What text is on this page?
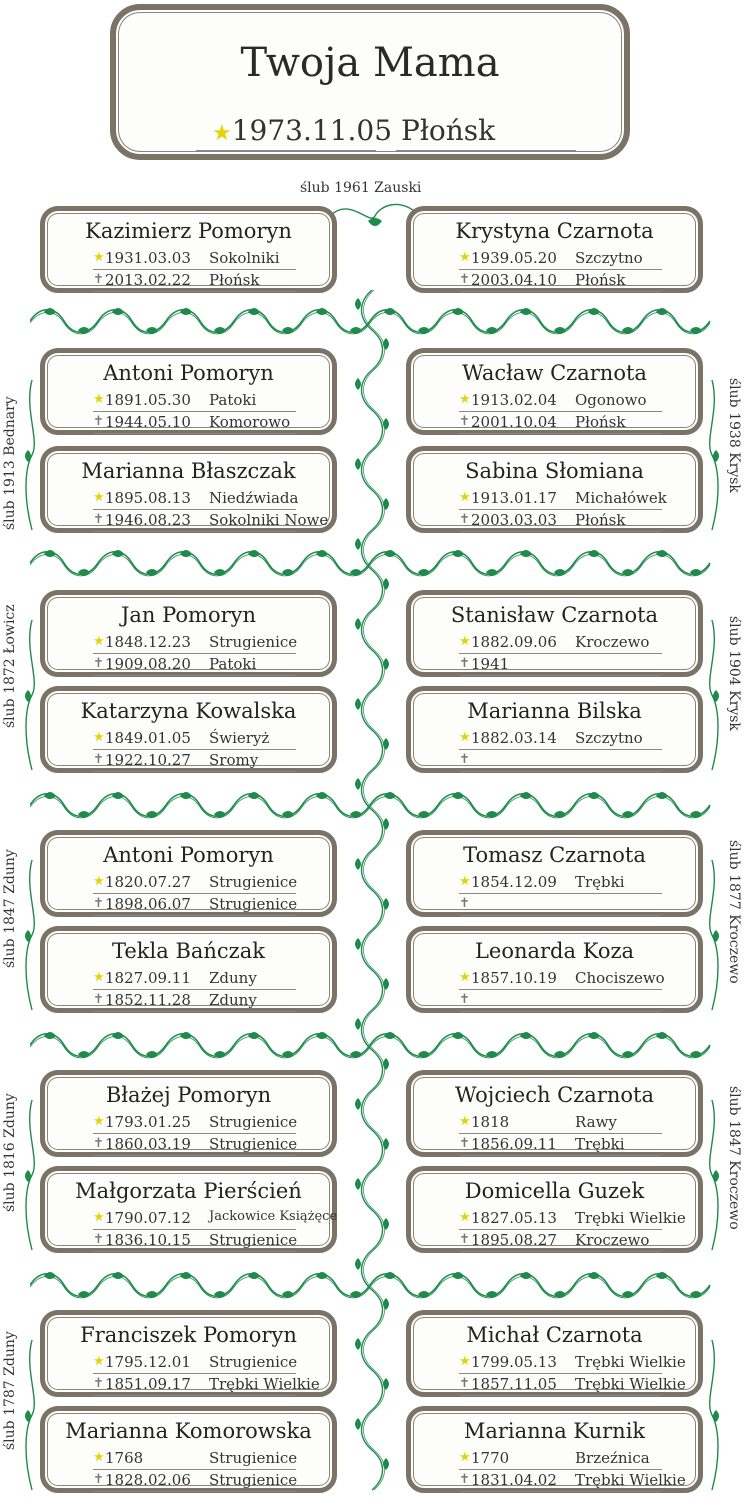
Twoja Mama
★1973.11.05 Płońsk
ślub 1961 Zauski
Kazimierz Pomoryn
★ 1931.03.03 Sokolniki
✝ 2013.02.22 Płońsk
Krystyna Czarnota
★ 1939.05.20 Szczytno
✝ 2003.04.10 Płońsk
Antoni Pomoryn
★ 1891.05.30 Patoki
✝ 1944.05.10 Komorowo
Marianna Błaszczak
★ 1895.08.13 Niedźwiada
✝ 1946.08.23 Sokolniki Nowe
Wacław Czarnota
★ 1913.02.04 Ogonowo
✝ 2001.10.04 Płońsk
Sabina Słomiana
★ 1913.01.17 Michałówek
✝ 2003.03.03 Płońsk
ślub 1913 Bednary	ślub 1938 Krysk
Jan Pomoryn
★ 1848.12.23 Strugienice
✝ 1909.08.20 Patoki
Katarzyna Kowalska
★ 1849.01.05 Świeryż
✝ 1922.10.27 Sromy
Stanisław Czarnota
★ 1882.09.06 Kroczewo
✝ 1941
Marianna Bilska
★ 1882.03.14 Szczytno
✝
ślub 1872 Łowicz	ślub 1904 Krysk
Antoni Pomoryn
★ 1820.07.27 Strugienice
✝ 1898.06.07 Strugienice
Tekla Bańczak
★ 1827.09.11 Zduny
✝ 1852.11.28 Zduny
Tomasz Czarnota
★ 1854.12.09 Trębki
✝
Leonarda Koza
★ 1857.10.19 Chociszewo
✝
ślub 1847 Zduny	ślub 1877 Kroczewo
Błażej Pomoryn
★ 1793.01.25 Strugienice
✝ 1860.03.19 Strugienice
Małgorzata Pierścień
★ 1790.07.12 Jackowice Książęce
✝ 1836.10.15 Strugienice
Wojciech Czarnota
★ 1818	Rawy
✝ 1856.09.11 Trębki
Domicella Guzek
★ 1827.05.13 Trębki Wielkie
✝ 1895.08.27 Kroczewo
ślub 1816 Zduny	ślub 1847 Kroczewo
Franciszek Pomoryn
★ 1795.12.01 Strugienice
✝ 1851.09.17 Trębki Wielkie
Marianna Komorowska
★ 1768	Strugienice
✝ 1828.02.06 Strugienice
Michał Czarnota
★ 1799.05.13 Trębki Wielkie
✝ 1857.11.05 Trębki Wielkie
Marianna Kurnik
★ 1770	Brzeźnica
✝ 1831.04.02 Trębki Wielkie
ślub 1787 Zduny
